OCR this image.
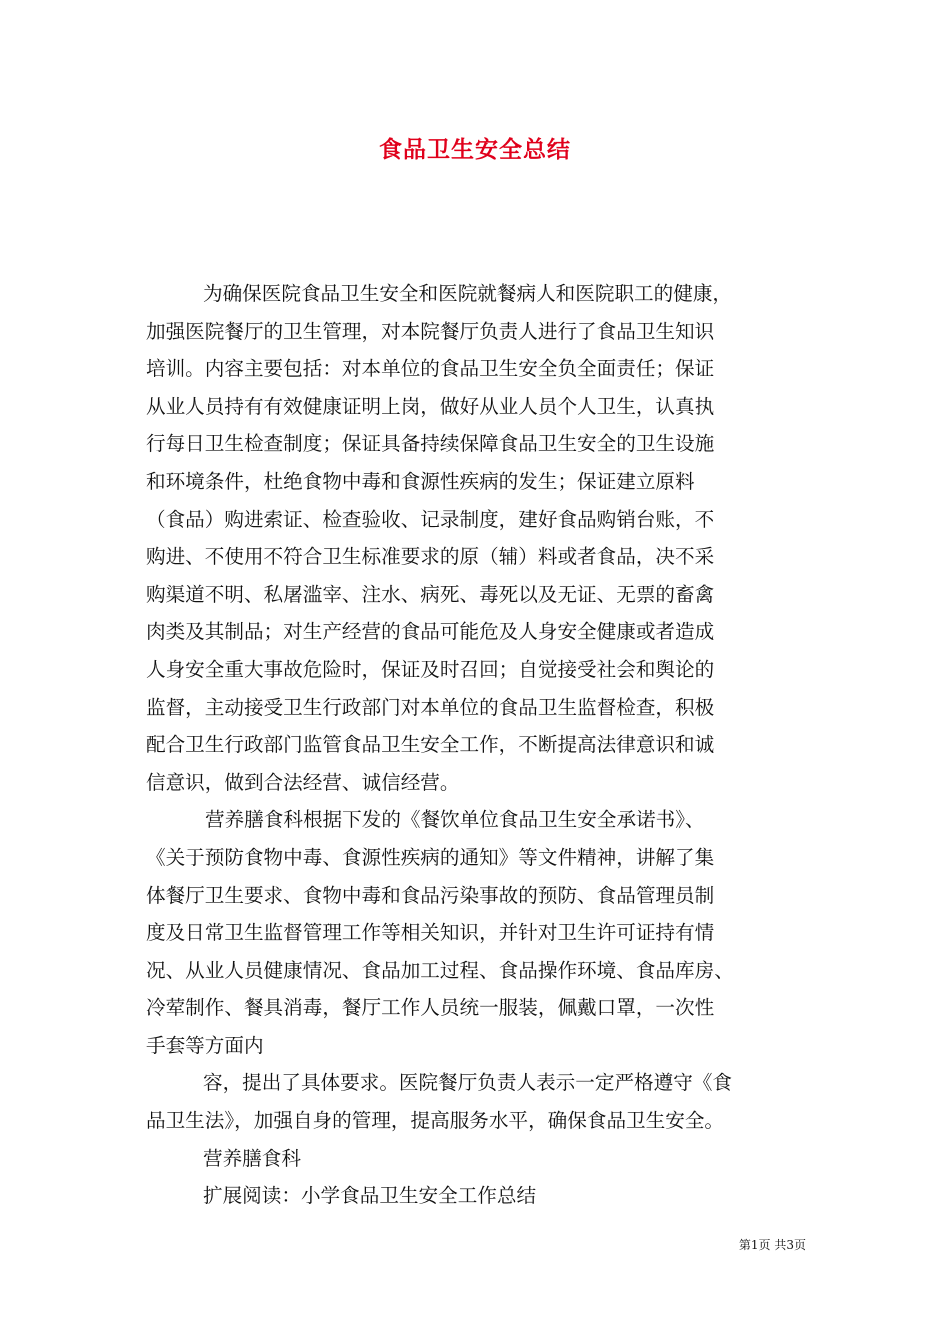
食品卫生安全总结
为确保医院食品卫生安全和医院就餐病人和医院职工的健康，
加强医院餐厅的卫生管理，对本院餐厅负责人进行了食品卫生知识
培训。内容主要包括：对本单位的食品卫生安全负全面责任；保证
从业人员持有有效健康证明上岗，做好从业人员个人卫生，认真执
行每日卫生检查制度；保证具备持续保障食品卫生安全的卫生设施
和环境条件，杜绝食物中毒和食源性疾病的发生；保证建立原料
（食品）购进索证、检查验收、记录制度，建好食品购销台账，不
购进、不使用不符合卫生标准要求的原（辅）料或者食品，决不采
购渠道不明、私屠滥宰、注水、病死、毒死以及无证、无票的畜禽
肉类及其制品；对生产经营的食品可能危及人身安全健康或者造成
人身安全重大事故危险时，保证及时召回；自觉接受社会和舆论的
监督，主动接受卫生行政部门对本单位的食品卫生监督检查，积极
配合卫生行政部门监管食品卫生安全工作，不断提高法律意识和诚
信意识，做到合法经营、诚信经营。
营养膳食科根据下发的《餐饮单位食品卫生安全承诺书》、
《关于预防食物中毒、食源性疾病的通知》等文件精神，讲解了集
体餐厅卫生要求、食物中毒和食品污染事故的预防、食品管理员制
度及日常卫生监督管理工作等相关知识，并针对卫生许可证持有情
况、从业人员健康情况、食品加工过程、食品操作环境、食品库房、
冷荤制作、餐具消毒，餐厅工作人员统一服装，佩戴口罩，一次性
手套等方面内
容，提出了具体要求。医院餐厅负责人表示一定严格遵守《食
品卫生法》，加强自身的管理，提高服务水平，确保食品卫生安全。
营养膳食科
扩展阅读：小学食品卫生安全工作总结
第1页 共3页
